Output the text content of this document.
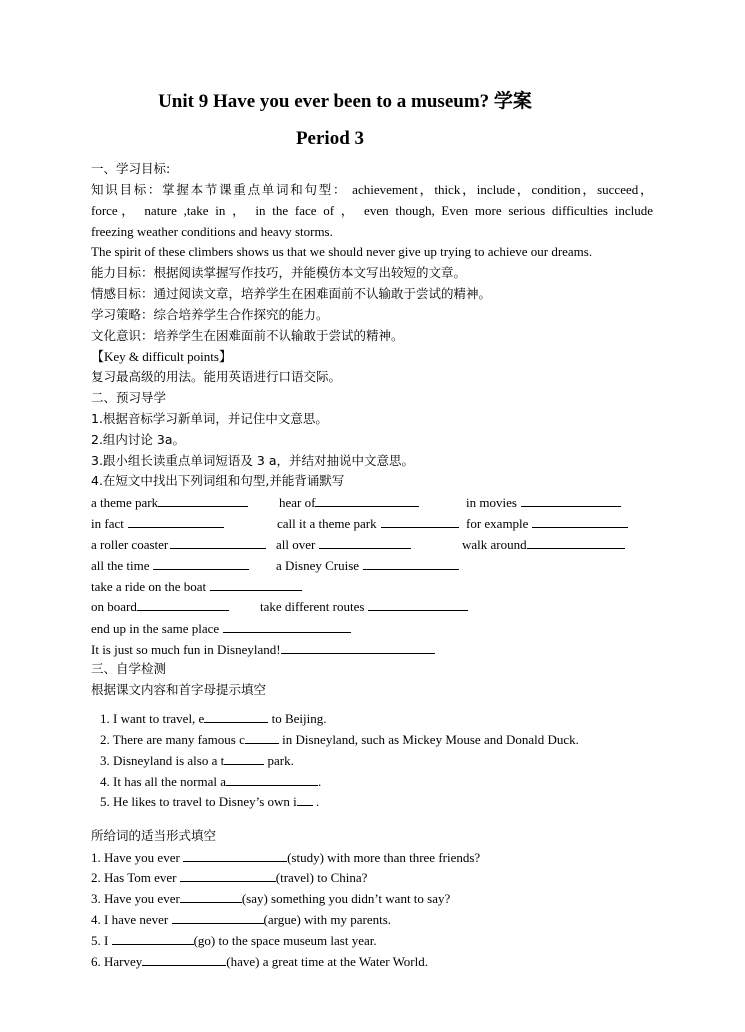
Unit 9 Have you ever been to a museum? 学案
Period 3
一、学习目标:
知识目标：掌握本节课重点单词和句型： achievement，thick，include，condition，succeed，
force， nature ,take in ， in the face of ， even though, Even more serious difficulties include
freezing weather conditions and heavy storms.
The spirit of these climbers shows us that we should never give up trying to achieve our dreams.
能力目标：根据阅读掌握写作技巧，并能模仿本文写出较短的文章。
情感目标：通过阅读文章，培养学生在困难面前不认输敢于尝试的精神。
学习策略：综合培养学生合作探究的能力。
文化意识：培养学生在困难面前不认输敢于尝试的精神。
【Key & difficult points】
复习最高级的用法。能用英语进行口语交际。
二、预习导学
1.根据音标学习新单词，并记住中文意思。
2.组内讨论 3a。
3.跟小组长读重点单词短语及 3 a，并结对抽说中文意思。
4.在短文中找出下列词组和句型,并能背诵默写
a theme park	hear of	in movies
in fact	call it a theme park	for example
a roller coaster	all over	walk around
all the time	a Disney Cruise
take a ride on the boat
on board	take different routes
end up in the same place
It is just so much fun in Disneyland!
三、自学检测
根据课文内容和首字母提示填空
1. I want to travel, e	to Beijing.
2. There are many famous c	in Disneyland, such as Mickey Mouse and Donald Duck.
3. Disneyland is also a t	park.
4. It has all the normal a	.
5. He likes to travel to Disney’s own i .
所给词的适当形式填空
1. Have you ever	(study) with more than three friends?
2. Has Tom ever	(travel) to China?
3. Have you ever	(say) something you didn’t want to say?
4. I have never	(argue) with my parents.
5. I	(go) to the space museum last year.
6. Harvey	(have) a great time at the Water World.
